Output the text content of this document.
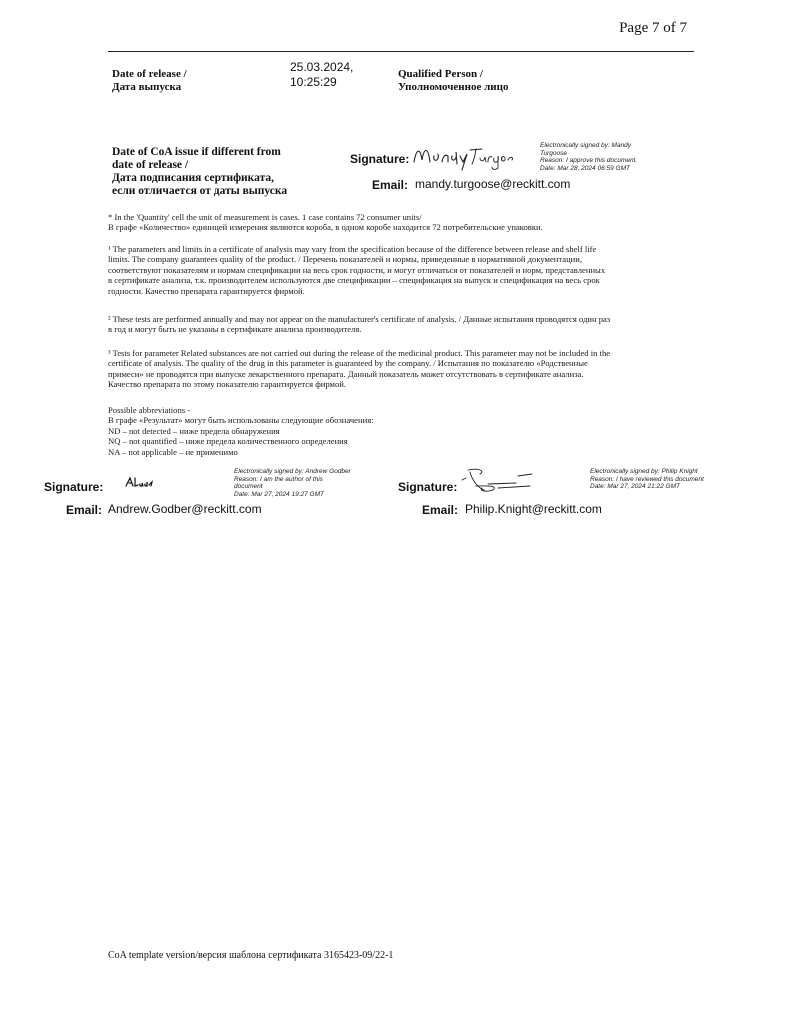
Page 7 of 7
Date of release /
Дата выпуска
25.03.2024,
10:25:29
Qualified Person /
Уполномоченное лицо
Date of CoA issue if different from
date of release /
Дата подписания сертификата,
если отличается от даты выпуска
Signature:
Electronically signed by: Mandy
Turgoose
Reason: I approve this document.
Date: Mar 28, 2024 06:59 GMT
Email: mandy.turgoose@reckitt.com

* In the 'Quantity' cell the unit of measurement is cases. 1 case contains 72 consumer units/

В графе «Количество» единицей измерения являются короба, в одном коробе находится 72 потребительские упаковки.

¹ The parameters and limits in a certificate of analysis may vary from the specification because of the difference between release and shelf life

limits. The company guarantees quality of the product. / Перечень показателей и нормы, приведенные в нормативной документации,

соответствуют показателям и нормам спецификации на весь срок годности, и могут отличаться от показателей и норм, представленных

в сертификате анализа, т.к. производителем используются две спецификации – спецификация на выпуск и спецификация на весь срок

годности. Качество препарата гарантируется фирмой.

² These tests are performed annually and may not appear on the manufacturer's certificate of analysis. / Данные испытания проводятся один раз

в год и могут быть не указаны в сертификате анализа производителя.

³ Tests for parameter Related substances are not carried out during the release of the medicinal product. This parameter may not be included in the

certificate of analysis. The quality of the drug in this parameter is guaranteed by the company. / Испытания по показателю «Родственные

примеси» не проводятся при выпуске лекарственного препарата. Данный показатель может отсутствовать в сертификате анализа.

Качество препарата по этому показателю гарантируется фирмой.

Possible abbreviations -

В графе «Результат» могут быть использованы следующие обозначения:

ND – not detected – ниже предела обнаружения

NQ – not quantified – ниже предела количественного определения

NA – not applicable – не применимо

Signature:
Electronically signed by: Andrew Godber
Reason: I am the author of this
document
Date: Mar 27, 2024 19:27 GMT
Email: Andrew.Godber@reckitt.com
Signature:
Electronically signed by: Philip Knight
Reason: I have reviewed this document
Date: Mar 27, 2024 21:22 GMT
Email: Philip.Knight@reckitt.com
CoA template version/версия шаблона сертификата 3165423-09/22-1
